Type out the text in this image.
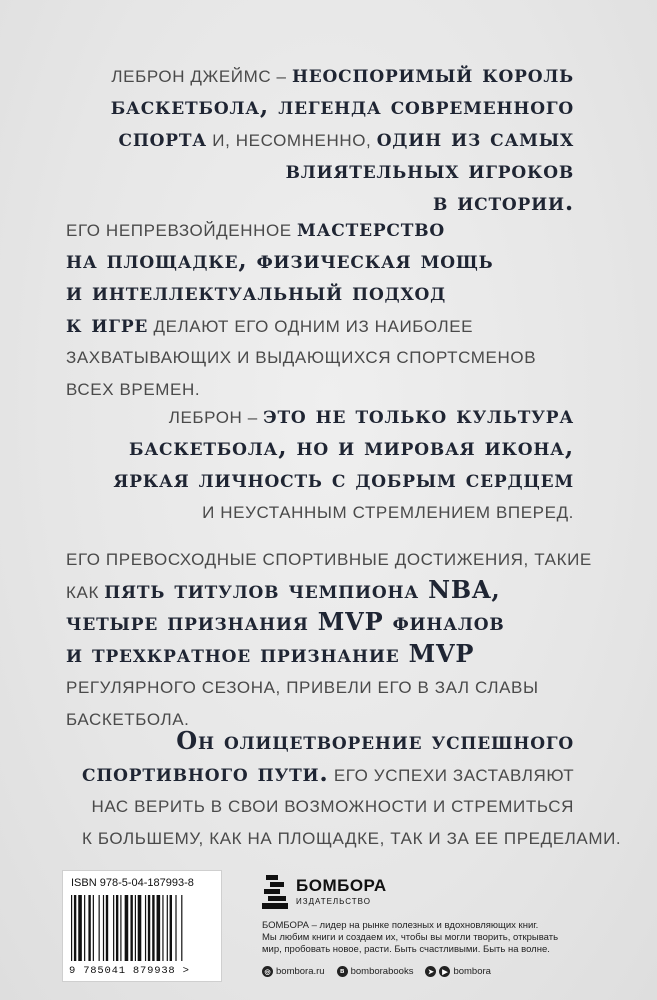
ЛЕБРОН ДЖЕЙМС – неоспоримый король
баскетбола, легенда современного
спорта И, НЕСОМНЕННО, один из самых
влиятельных игроков
в истории.
ЕГО НЕПРЕВЗОЙДЕННОЕ мастерство
на площадке, физическая мощь
и интеллектуальный подход
к игре ДЕЛАЮТ ЕГО ОДНИМ ИЗ НАИБОЛЕЕ
ЗАХВАТЫВАЮЩИХ И ВЫДАЮЩИХСЯ СПОРТСМЕНОВ
ВСЕХ ВРЕМЕН.
ЛЕБРОН – это не только культура
баскетбола, но и мировая икона,
яркая личность с добрым сердцем
И НЕУСТАННЫМ СТРЕМЛЕНИЕМ ВПЕРЕД.
ЕГО ПРЕВОСХОДНЫЕ СПОРТИВНЫЕ ДОСТИЖЕНИЯ, ТАКИЕ
КАК пять титулов чемпиона NBA,
четыре признания MVP финалов
и трехкратное признание MVP
РЕГУЛЯРНОГО СЕЗОНА, ПРИВЕЛИ ЕГО В ЗАЛ СЛАВЫ
БАСКЕТБОЛА.
Он олицетворение успешного
спортивного пути. ЕГО УСПЕХИ ЗАСТАВЛЯЮТ
НАС ВЕРИТЬ В СВОИ ВОЗМОЖНОСТИ И СТРЕМИТЬСЯ
К БОЛЬШЕМУ, КАК НА ПЛОЩАДКЕ, ТАК И ЗА ЕЕ ПРЕДЕЛАМИ.
ISBN 978-5-04-187993-8
9 785041 879938 >
БОМБОРА
ИЗДАТЕЛЬСТВО
БОМБОРА – лидер на рынке полезных и вдохновляющих книг.
Мы любим книги и создаем их, чтобы вы могли творить, открывать
мир, пробовать новое, расти. Быть счастливыми. Быть на волне.
◎ bombora.ru	в bomborabooks	➤	▶ bombora
